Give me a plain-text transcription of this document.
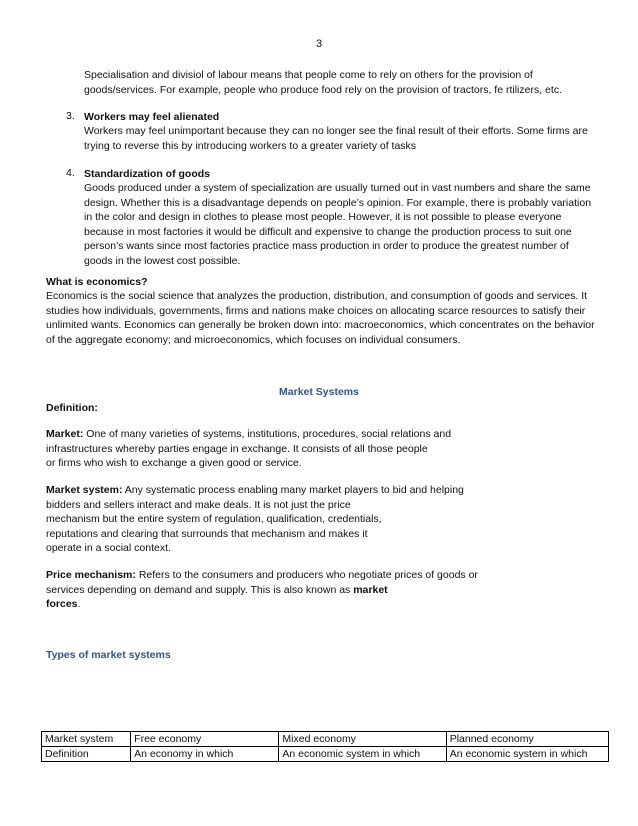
3

Specialisation and divisiol of labour means that people come to rely on others for the provision of goods/services. For example, people who produce food rely on the provision of tractors, fe rtilizers, etc.

3. Workers may feel alienated

Workers may feel unimportant because they can no longer see the final result of their efforts. Some firms are trying to reverse this by introducing workers to a greater variety of tasks

4. Standardization of goods

Goods produced under a system of specialization are usually turned out in vast numbers and share the same design. Whether this is a disadvantage depends on people’s opinion. For example, there is probably variation in the color and design in clothes to please most people. However, it is not possible to please everyone because in most factories it would be difficult and expensive to change the production process to suit one person’s wants since most factories practice mass production in order to produce the greatest number of goods in the lowest cost possible.

What is economics?

Economics is the social science that analyzes the production, distribution, and consumption of goods and services. It studies how individuals, governments, firms and nations make choices on allocating scarce resources to satisfy their unlimited wants. Economics can generally be broken down into: macroeconomics, which concentrates on the behavior of the aggregate economy; and microeconomics, which focuses on individual consumers.

Market Systems

Definition:

Market: One of many varieties of systems, institutions, procedures, social relations and
infrastructures whereby parties engage in exchange. It consists of all those people
or firms who wish to exchange a given good or service.

Market system: Any systematic process enabling many market players to bid and helping
bidders and sellers interact and make deals. It is not just the price
mechanism but the entire system of regulation, qualification, credentials,
reputations and clearing that surrounds that mechanism and makes it
operate in a social context.

Price mechanism: Refers to the consumers and producers who negotiate prices of goods or
services depending on demand and supply. This is also known as market
forces.

Types of market systems

Market system	Free economy	Mixed economy	Planned economy
Definition	An economy in which	An economic system in which	An economic system in which
